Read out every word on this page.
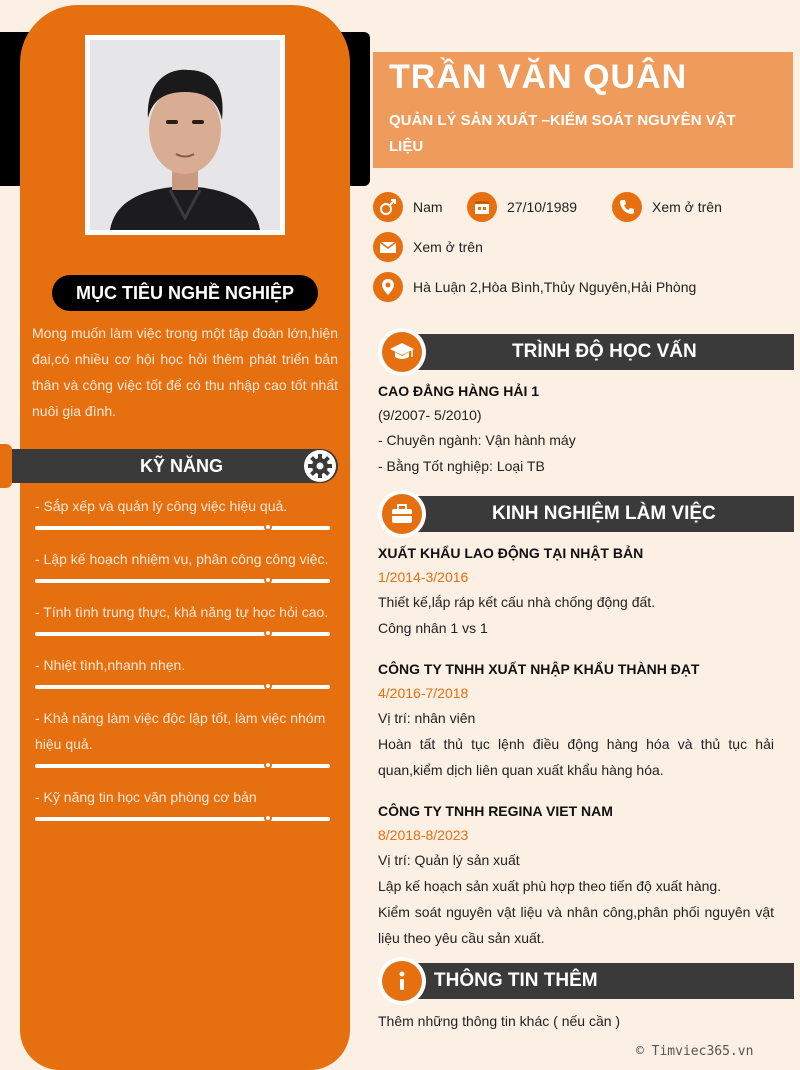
MỤC TIÊU NGHỀ NGHIỆP
Mong muốn làm việc trong một tập đoàn lớn,hiện đại,có nhiều cơ hội học hỏi thêm phát triển bản thân và công việc tốt để có thu nhập cao tốt nhất nuôi gia đình.
KỸ NĂNG
- Sắp xếp và quản lý công việc hiệu quả.
- Lập kế hoạch nhiệm vụ, phân công công việc.
- Tính tình trung thực, khả năng tự học hỏi cao.
- Nhiệt tình,nhanh nhẹn.
- Khả năng làm việc độc lập tốt, làm việc nhóm hiệu quả.
- Kỹ năng tin học văn phòng cơ bản
TRẦN VĂN QUÂN
QUẢN LÝ SẢN XUẤT –KIỂM SOÁT NGUYÊN VẬT LIỆU
Nam	27/10/1989	Xem ở trên
Xem ở trên
Hà Luận 2,Hòa Bình,Thủy Nguyên,Hải Phòng
TRÌNH ĐỘ HỌC VẤN
CAO ĐẲNG HÀNG HẢI 1
(9/2007- 5/2010)
- Chuyên ngành: Vận hành máy
- Bằng Tốt nghiệp: Loại TB
KINH NGHIỆM LÀM VIỆC
XUẤT KHẨU LAO ĐỘNG TẠI NHẬT BẢN
1/2014-3/2016
Thiết kế,lắp ráp kết cấu nhà chống động đất.
Công nhân 1 vs 1
CÔNG TY TNHH XUẤT NHẬP KHẨU THÀNH ĐẠT
4/2016-7/2018
Vị trí: nhân viên
Hoàn tất thủ tục lệnh điều động hàng hóa và thủ tục hải quan,kiểm dịch liên quan xuất khẩu hàng hóa.
CÔNG TY TNHH REGINA VIET NAM
8/2018-8/2023
Vị trí: Quản lý sản xuất
Lập kế hoạch sản xuất phù hợp theo tiến độ xuất hàng.
Kiểm soát nguyên vật liệu và nhân công,phân phối nguyên vật liệu theo yêu cầu sản xuất.
THÔNG TIN THÊM
Thêm những thông tin khác ( nếu cần )
© Timviec365.vn
